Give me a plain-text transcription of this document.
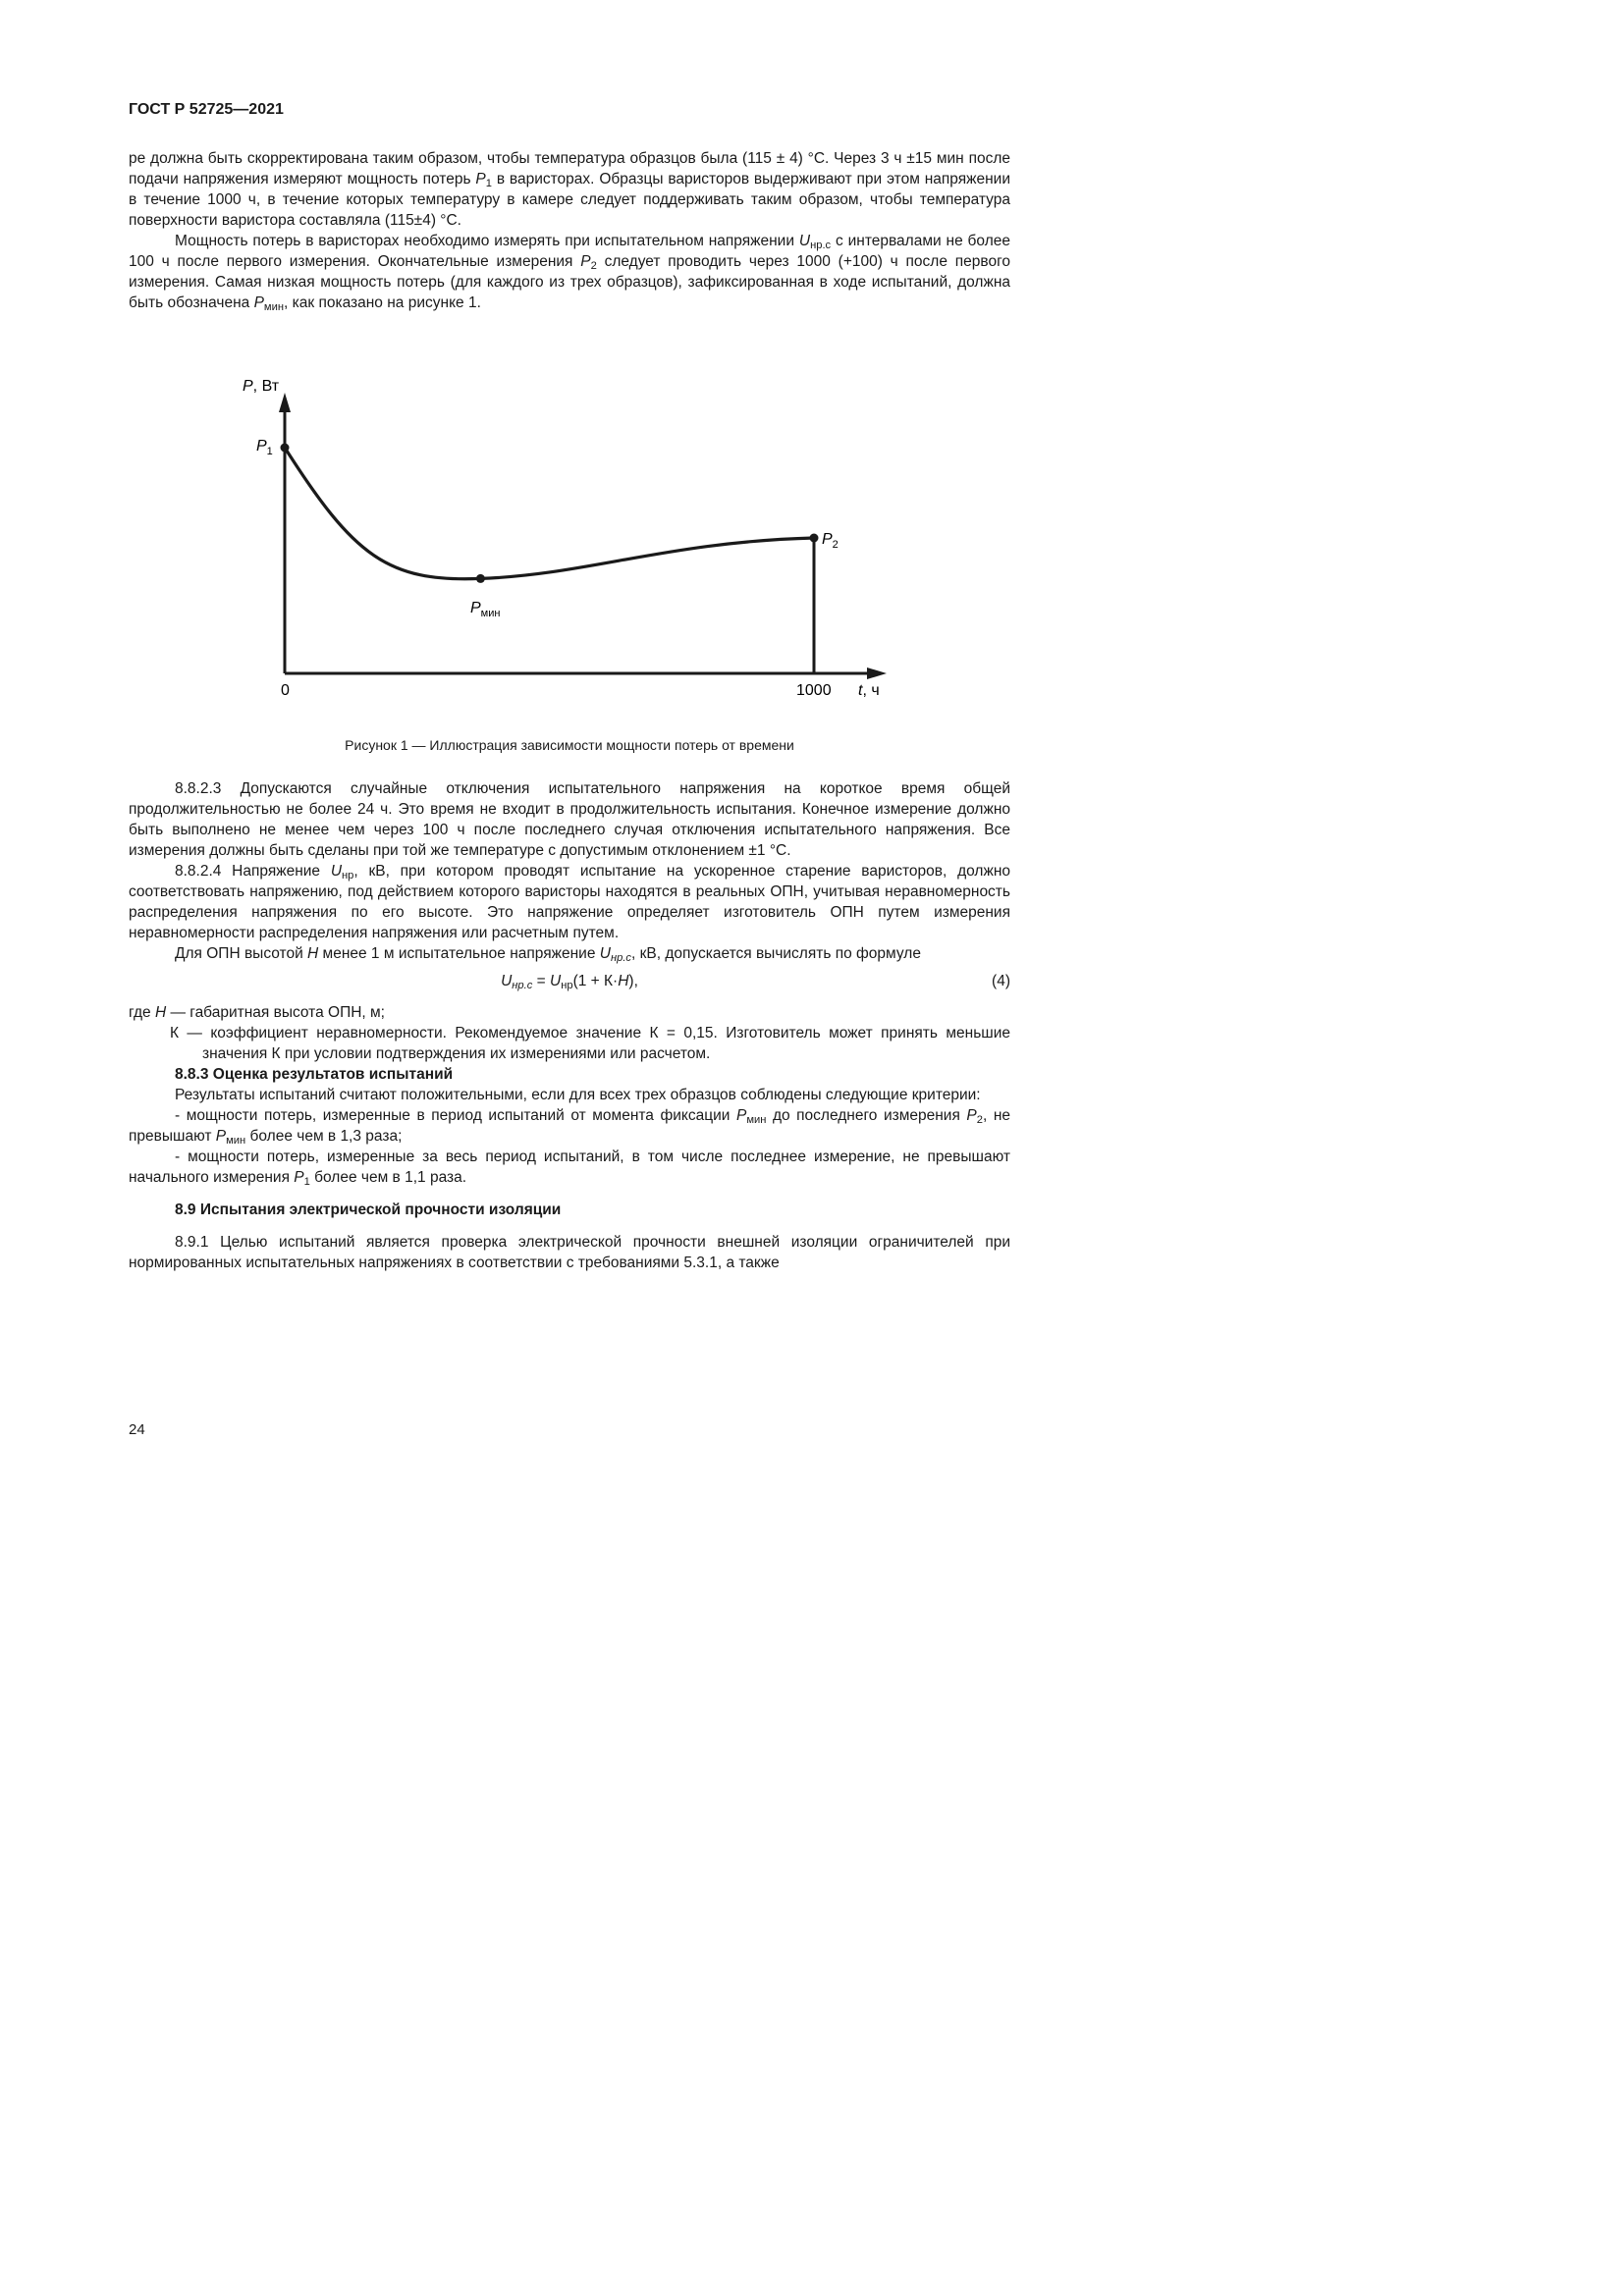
ГОСТ Р 52725—2021

ре должна быть скорректирована таким образом, чтобы температура образцов была (115 ± 4) °С. Через 3 ч ±15 мин после подачи напряжения измеряют мощность потерь $P_1$ в варисторах. Образцы варисторов выдерживают при этом напряжении в течение 1000 ч, в течение которых температуру в камере следует поддерживать таким образом, чтобы температура поверхности варистора составляла (115±4) °С.

Мощность потерь в варисторах необходимо измерять при испытательном напряжении $U_{нр.с}$ с интервалами не более 100 ч после первого измерения. Окончательные измерения $P_2$ следует проводить через 1000 (+100) ч после первого измерения. Самая низкая мощность потерь (для каждого из трех образцов), зафиксированная в ходе испытаний, должна быть обозначена $P_{мин}$, как показано на рисунке 1.

P, Вт
$P_1$
$P_2$
$P_{мин}$
0	1000 t, ч
Рисунок 1 — Иллюстрация зависимости мощности потерь от времени

8.8.2.3 Допускаются случайные отключения испытательного напряжения на короткое время общей продолжительностью не более 24 ч. Это время не входит в продолжительность испытания. Конечное измерение должно быть выполнено не менее чем через 100 ч после последнего случая отключения испытательного напряжения. Все измерения должны быть сделаны при той же температуре с допустимым отклонением ±1 °С.

8.8.2.4 Напряжение $U_{нр}$, кВ, при котором проводят испытание на ускоренное старение варисторов, должно соответствовать напряжению, под действием которого варисторы находятся в реальных ОПН, учитывая неравномерность распределения напряжения по его высоте. Это напряжение определяет изготовитель ОПН путем измерения неравномерности распределения напряжения или расчетным путем.

Для ОПН высотой H менее 1 м испытательное напряжение $U_{нр.с}$, кВ, допускается вычислять по формуле

$U_{нр.с} = U_{нр}(1 + К\cdot H)$,	(4)

где H — габаритная высота ОПН, м;

К — коэффициент неравномерности. Рекомендуемое значение К = 0,15. Изготовитель может принять меньшие значения К при условии подтверждения их измерениями или расчетом.

8.8.3 Оценка результатов испытаний

Результаты испытаний считают положительными, если для всех трех образцов соблюдены следующие критерии:

- мощности потерь, измеренные в период испытаний от момента фиксации $P_{мин}$ до последнего измерения $P_2$, не превышают $P_{мин}$ более чем в 1,3 раза;

- мощности потерь, измеренные за весь период испытаний, в том числе последнее измерение, не превышают начального измерения $P_1$ более чем в 1,1 раза.

8.9 Испытания электрической прочности изоляции

8.9.1 Целью испытаний является проверка электрической прочности внешней изоляции ограничителей при нормированных испытательных напряжениях в соответствии с требованиями 5.3.1, а также

24
